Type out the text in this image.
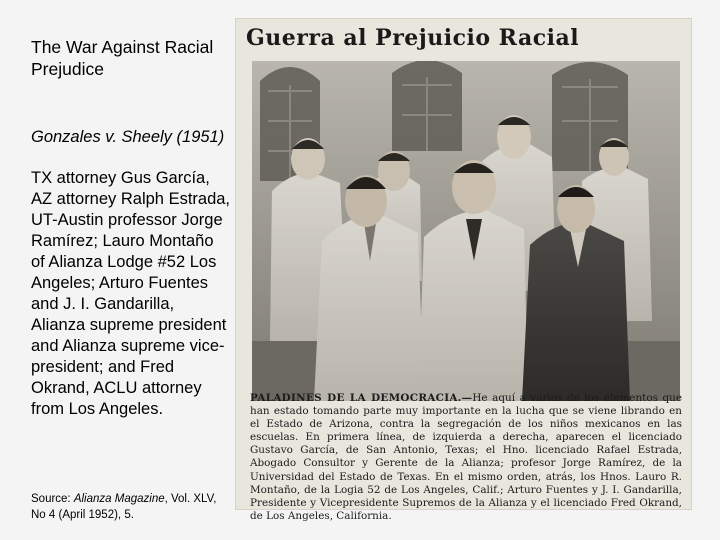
The War Against Racial Prejudice
Gonzales v. Sheely (1951)
TX attorney Gus García, AZ attorney Ralph Estrada, UT-Austin professor Jorge Ramírez; Lauro Montaño of Alianza Lodge #52 Los Angeles; Arturo Fuentes and J. I. Gandarilla, Alianza supreme president and Alianza supreme vice-president; and Fred Okrand, ACLU attorney from Los Angeles.
Source: Alianza Magazine, Vol. XLV, No 4 (April 1952), 5.
Guerra al Prejuicio Racial
PALADINES DE LA DEMOCRACIA.—He aquí a varios de los elementos que han estado tomando parte muy importante en la lucha que se viene librando en el Estado de Arizona, contra la segregación de los niños mexicanos en las escuelas. En primera línea, de izquierda a derecha, aparecen el licenciado Gustavo García, de San Antonio, Texas; el Hno. licenciado Rafael Estrada, Abogado Consultor y Gerente de la Alianza; profesor Jorge Ramírez, de la Universidad del Estado de Texas. En el mismo orden, atrás, los Hnos. Lauro R. Montaño, de la Logia 52 de Los Angeles, Calif.; Arturo Fuentes y J. I. Gandarilla, Presidente y Vicepresidente Supremos de la Alianza y el licenciado Fred Okrand, de Los Angeles, California.
